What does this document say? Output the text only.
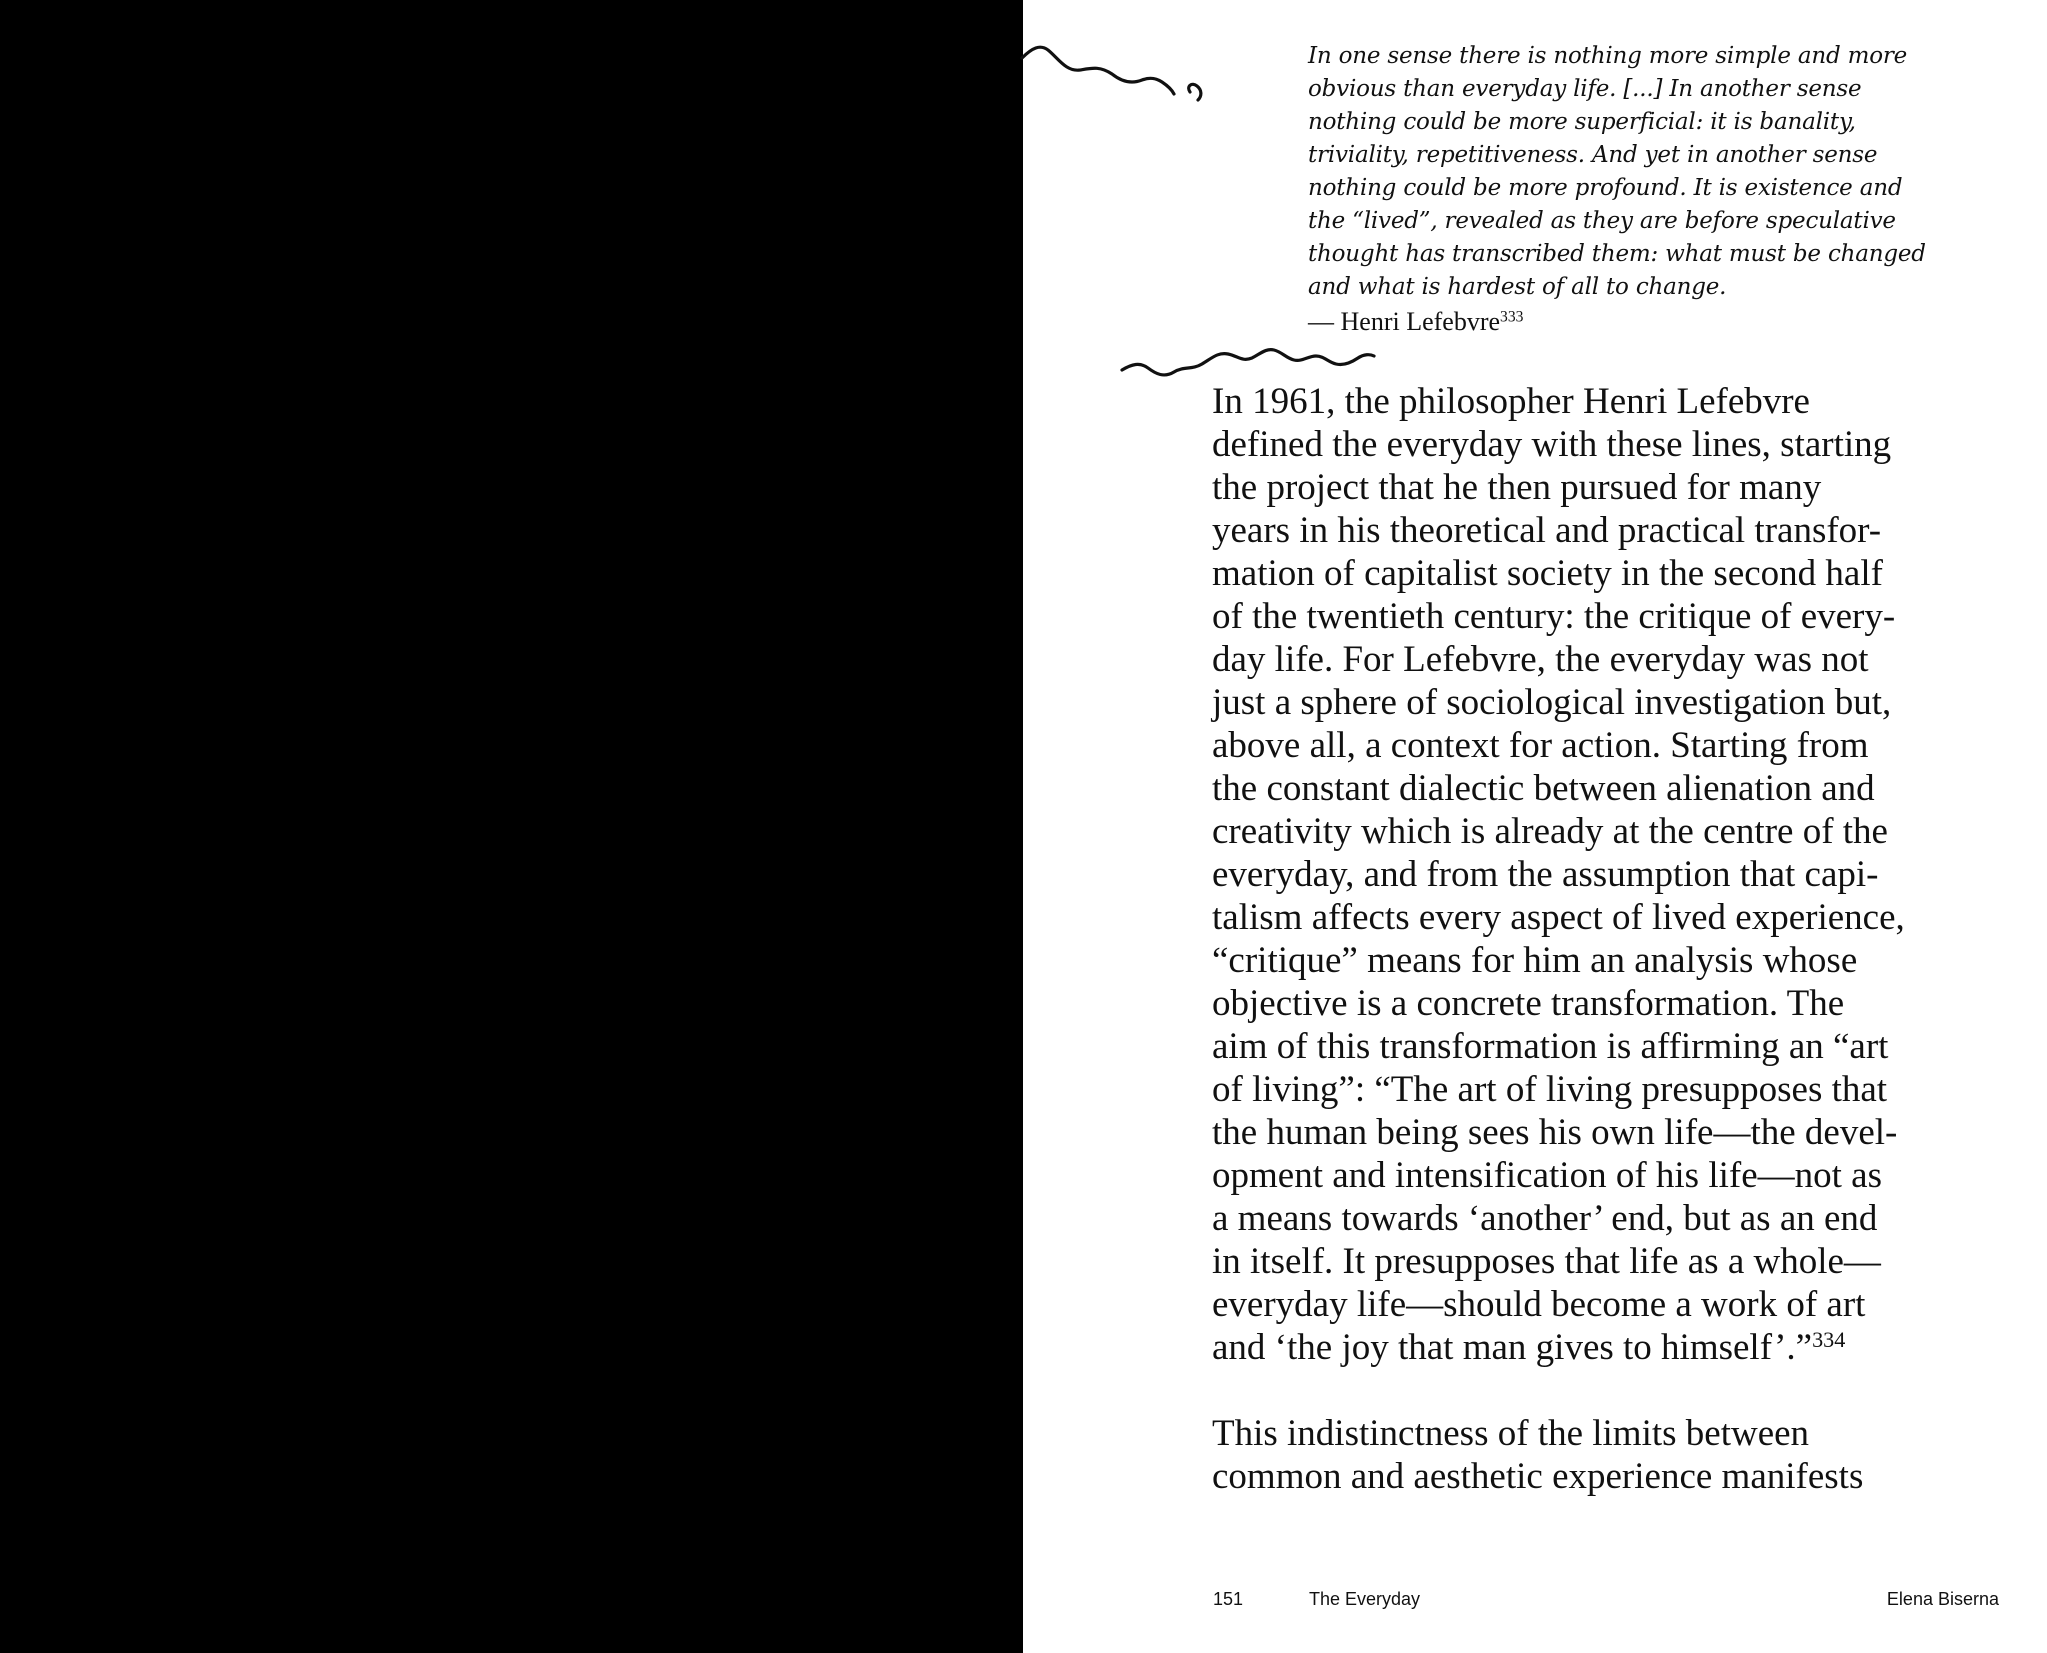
In one sense there is nothing more simple and more
obvious than everyday life. [...] In another sense
nothing could be more superficial: it is banality,
triviality, repetitiveness. And yet in another sense
nothing could be more profound. It is existence and
the “lived”, revealed as they are before speculative
thought has transcribed them: what must be changed
and what is hardest of all to change.
— Henri Lefebvre$^{333}$
In 1961, the philosopher Henri Lefebvre
defined the everyday with these lines, starting
the project that he then pursued for many
years in his theoretical and practical transfor-
mation of capitalist society in the second half
of the twentieth century: the critique of every-
day life. For Lefebvre, the everyday was not
just a sphere of sociological investigation but,
above all, a context for action. Starting from
the constant dialectic between alienation and
creativity which is already at the centre of the
everyday, and from the assumption that capi-
talism affects every aspect of lived experience,
“critique” means for him an analysis whose
objective is a concrete transformation. The
aim of this transformation is affirming an “art
of living”: “The art of living presupposes that
the human being sees his own life—the devel-
opment and intensification of his life—not as
a means towards ‘another’ end, but as an end
in itself. It presupposes that life as a whole—
everyday life—should become a work of art
and ‘the joy that man gives to himself’.”$^{334}$
This indistinctness of the limits between
common and aesthetic experience manifests
151	The Everyday	Elena Biserna
